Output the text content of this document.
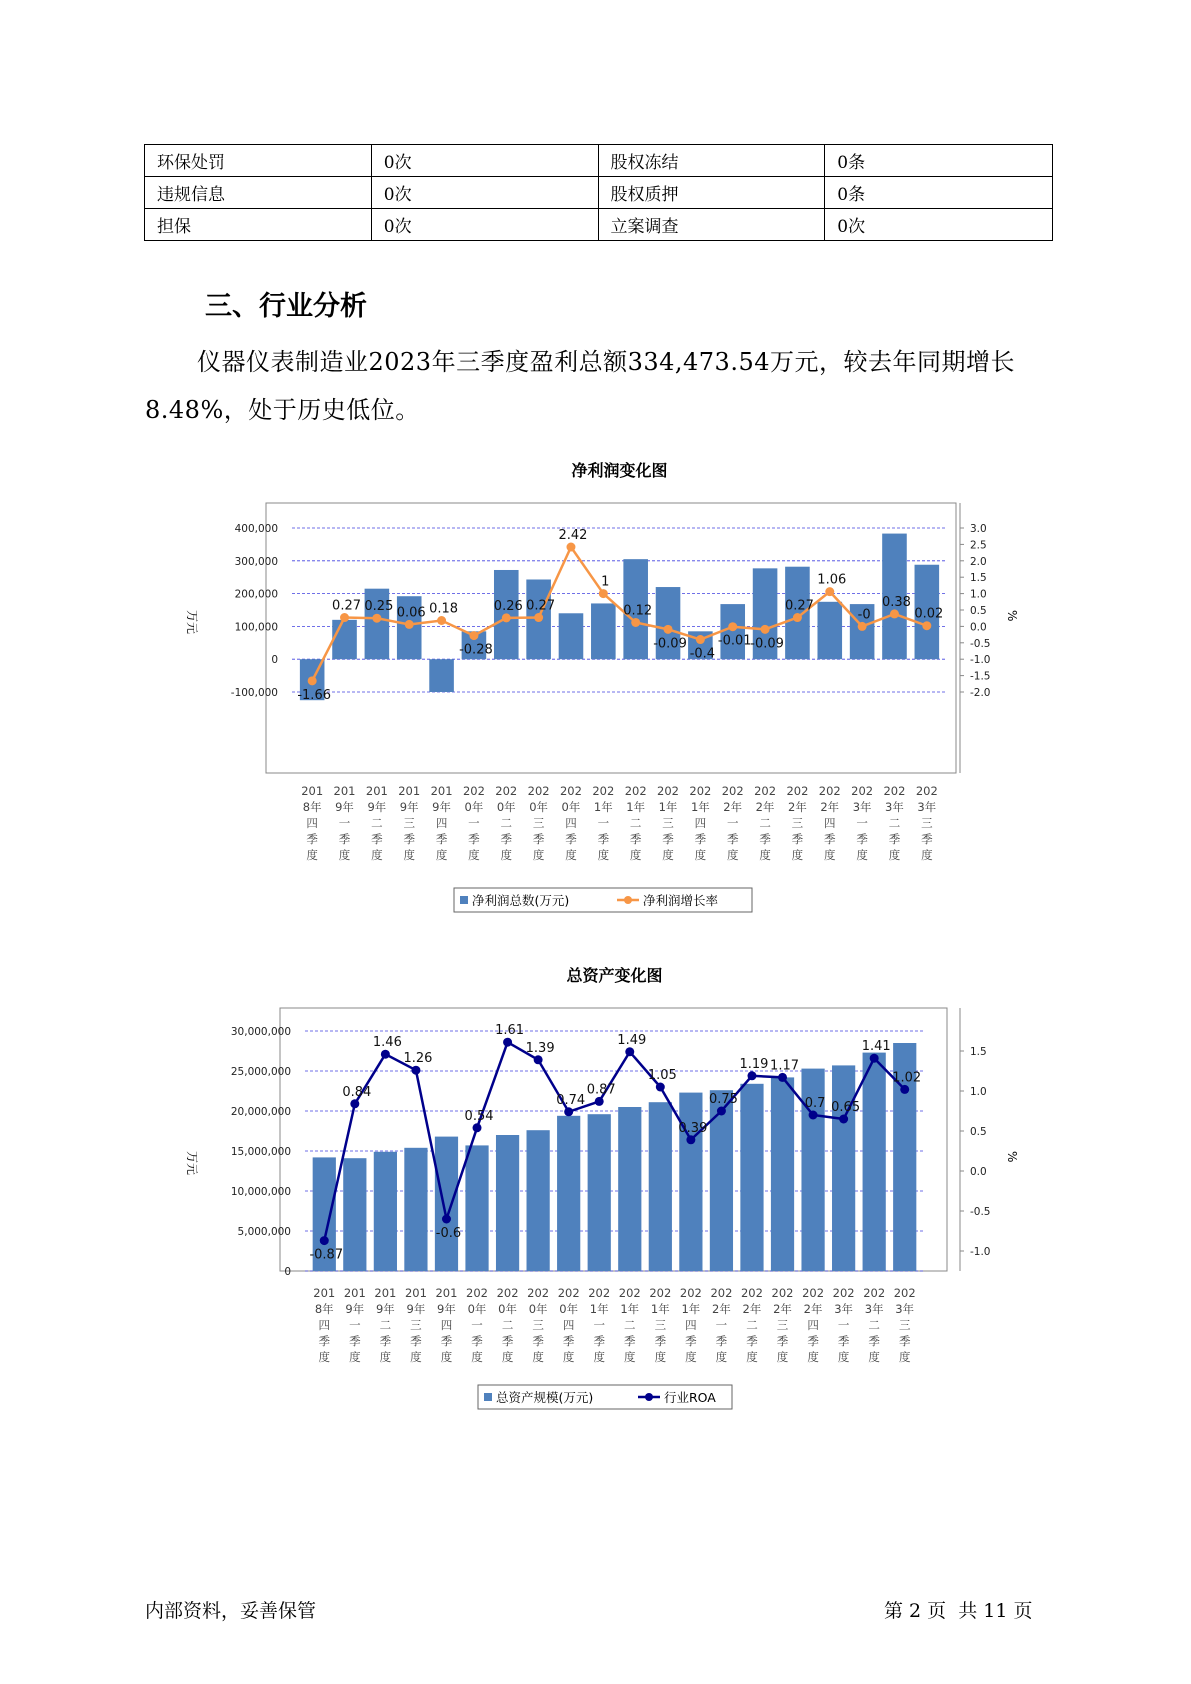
环保处罚	0次	股权冻结	0条
违规信息	0次	股权质押	0条
担保	0次	立案调查	0次
三、行业分析
仪器仪表制造业2023年三季度盈利总额334,473.54万元，较去年同期增长8.48%，处于历史低位。
净利润变化图
-100,000
0
100,000
200,000
300,000
400,000
-2.0
-1.5
-1.0
-0.5
0.0
0.5
1.0
1.5
2.0
2.5
3.0
万元	%
-1.66
0.27 0.25 0.06 0.18
-0.28
0.26 0.27
2.42
1
0.12
-0.09
-0.4
-0.01
-0.09
0.27
1.06
-0
0.38
0.02
201
8年
四
季
度
201
9年
一
季
度
201
9年
二
季
度
201
9年
三
季
度
201
9年
四
季
度
202
0年
一
季
度
202
0年
二
季
度
202
0年
三
季
度
202
0年
四
季
度
202
1年
一
季
度
202
1年
二
季
度
202
1年
三
季
度
202
1年
四
季
度
202
2年
一
季
度
202
2年
二
季
度
202
2年
三
季
度
202
2年
四
季
度
202
3年
一
季
度
202
3年
二
季
度
202
3年
三
季
度
净利润总数(万元)	净利润增长率
总资产变化图
0
5,000,000
10,000,000
15,000,000
20,000,000
25,000,000
30,000,000
-1.0
-0.5
0.0
0.5
1.0
1.5
万元	%
-0.87
0.84
1.46
1.26
-0.6
0.54
1.61
1.39
0.74
0.87
1.49
1.05
0.39
0.75
1.19 1.17
0.7 0.65
1.41
1.02
201
8年
四
季
度
201
9年
一
季
度
201
9年
二
季
度
201
9年
三
季
度
201
9年
四
季
度
202
0年
一
季
度
202
0年
二
季
度
202
0年
三
季
度
202
0年
四
季
度
202
1年
一
季
度
202
1年
二
季
度
202
1年
三
季
度
202
1年
四
季
度
202
2年
一
季
度
202
2年
二
季
度
202
2年
三
季
度
202
2年
四
季
度
202
3年
一
季
度
202
3年
二
季
度
202
3年
三
季
度
总资产规模(万元)	行业ROA
内部资料，妥善保管	第 2 页  共 11 页
